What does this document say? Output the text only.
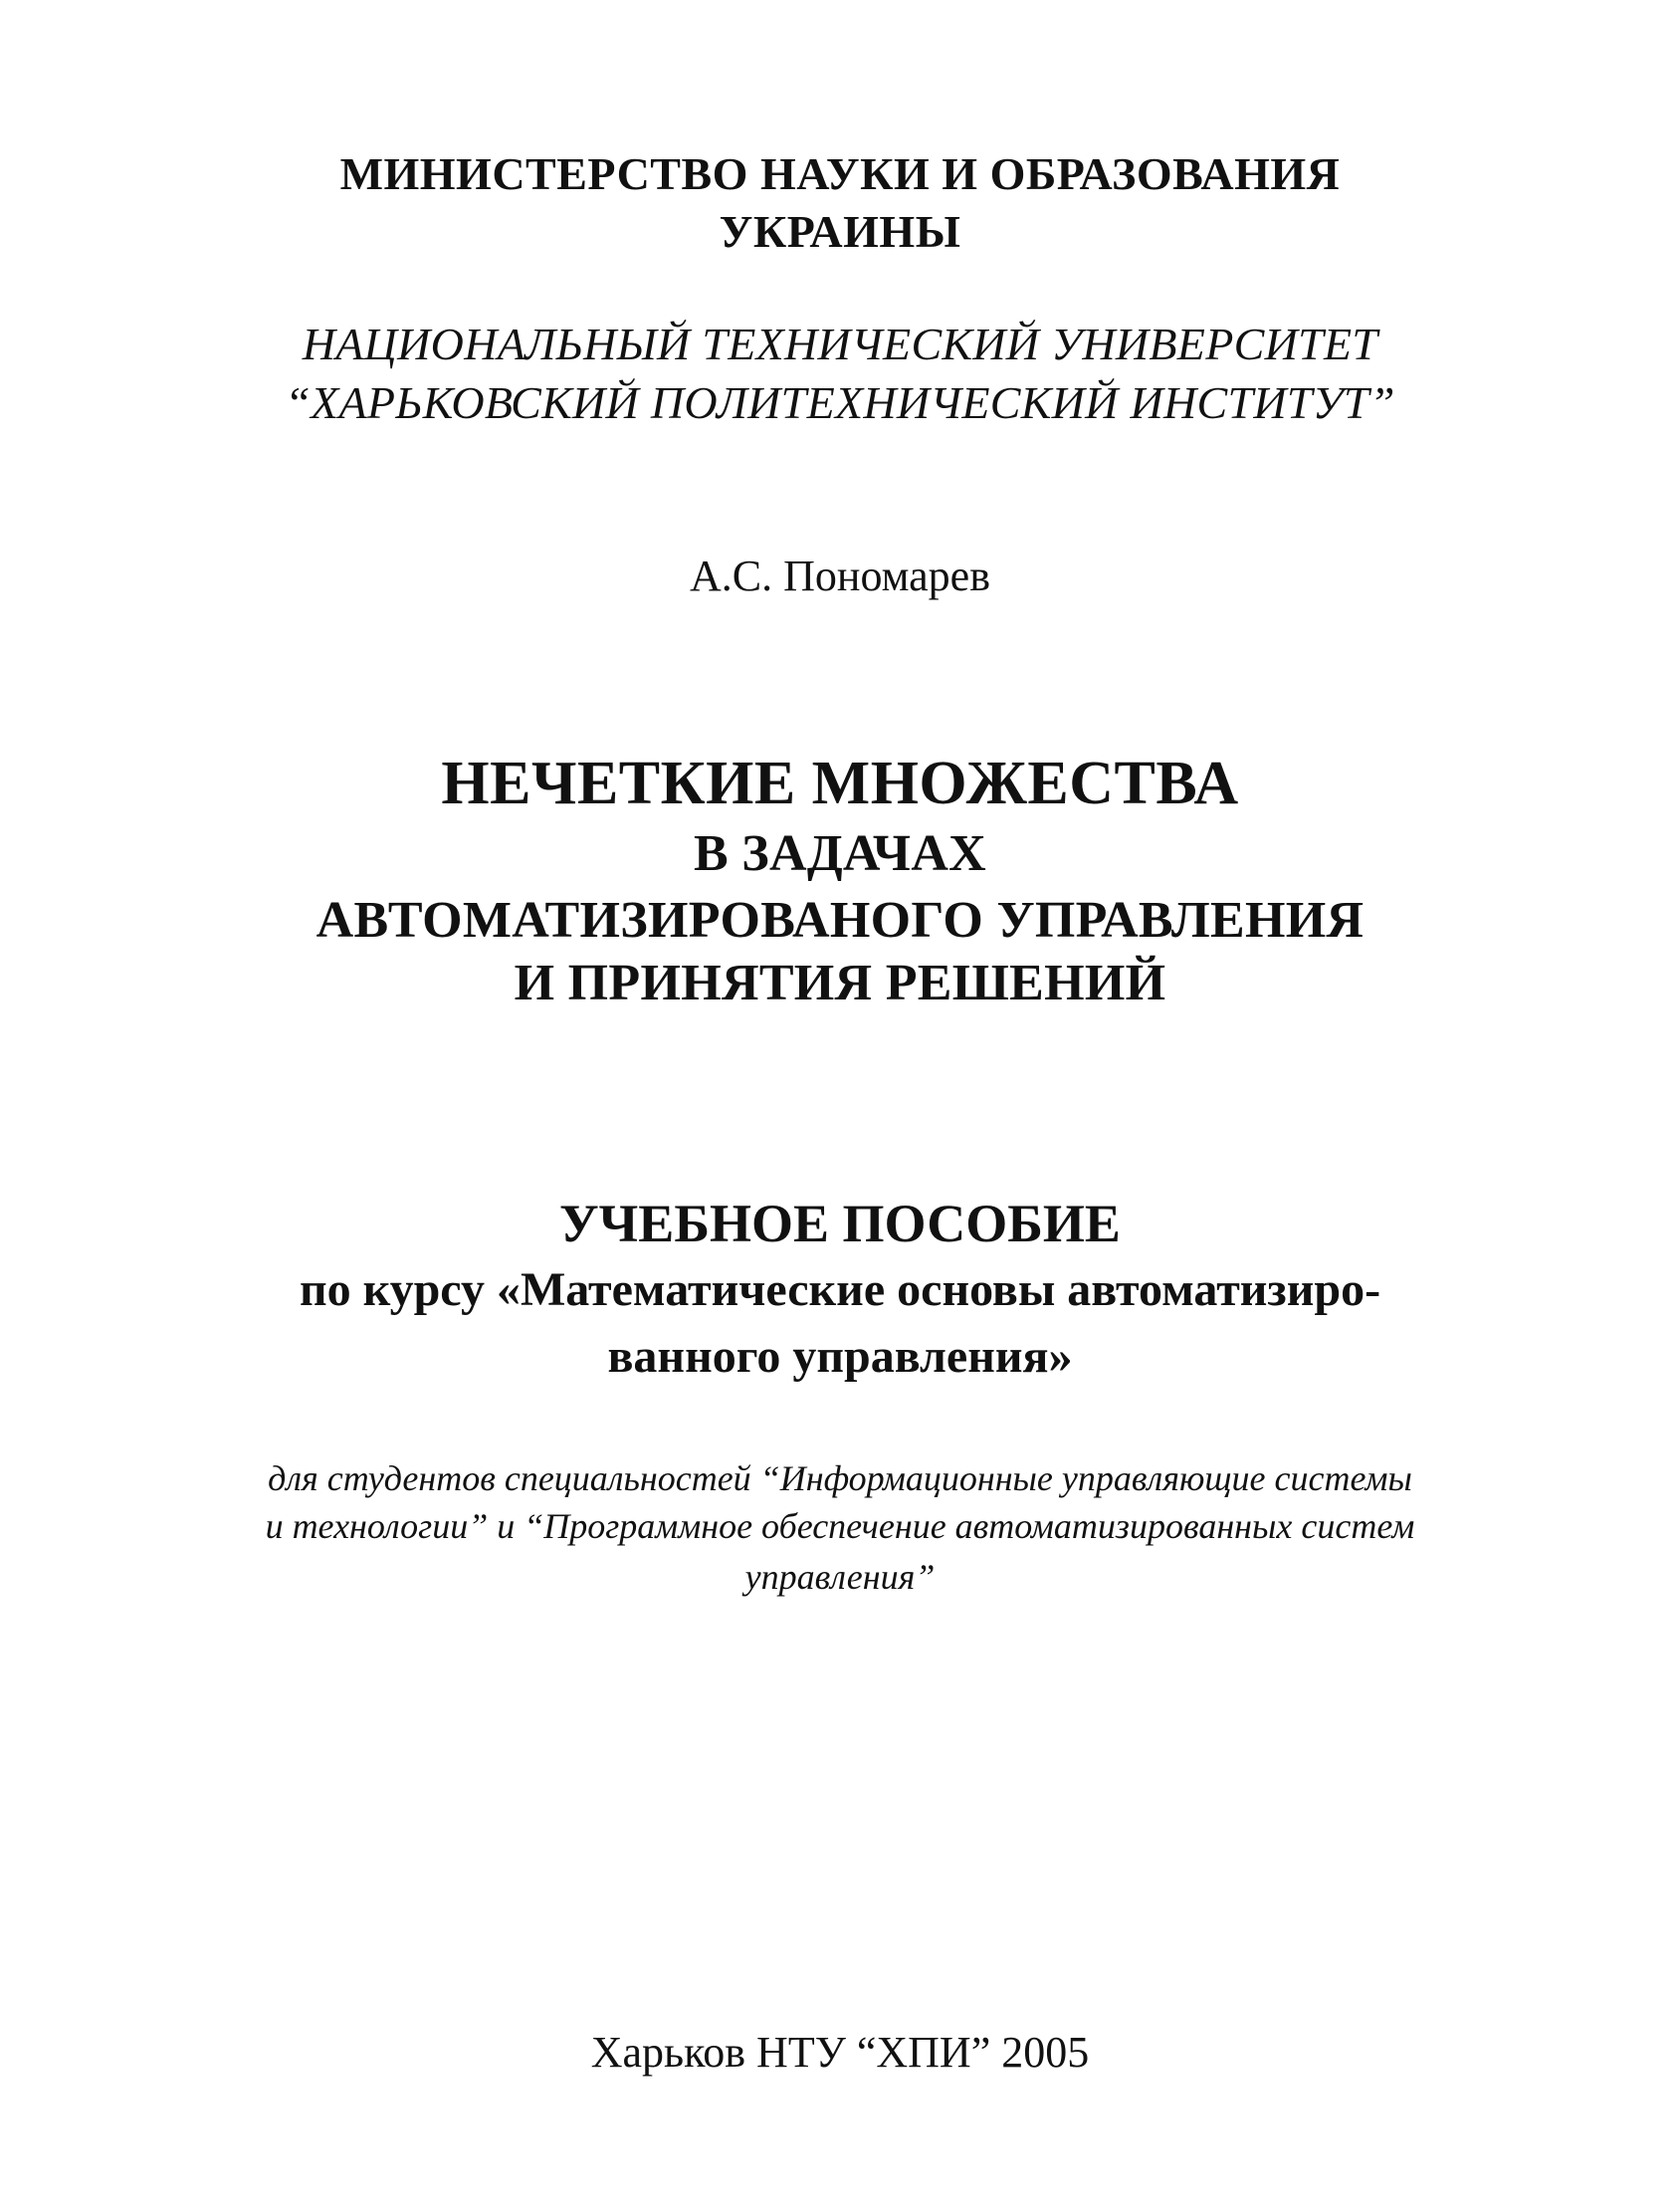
МИНИСТЕРСТВО НАУКИ И ОБРАЗОВАНИЯ
УКРАИНЫ
НАЦИОНАЛЬНЫЙ ТЕХНИЧЕСКИЙ УНИВЕРСИТЕТ
“ХАРЬКОВСКИЙ ПОЛИТЕХНИЧЕСКИЙ ИНСТИТУТ”
А.С. Пономарев
НЕЧЕТКИЕ МНОЖЕСТВА
В ЗАДАЧАХ
АВТОМАТИЗИРОВАНОГО УПРАВЛЕНИЯ
И ПРИНЯТИЯ РЕШЕНИЙ
УЧЕБНОЕ ПОСОБИЕ
по курсу «Математические основы автоматизиро-
ванного управления»
для студентов специальностей “Информационные управляющие системы
и технологии” и “Программное обеспечение автоматизированных систем
управления”
Харьков НТУ “ХПИ” 2005
